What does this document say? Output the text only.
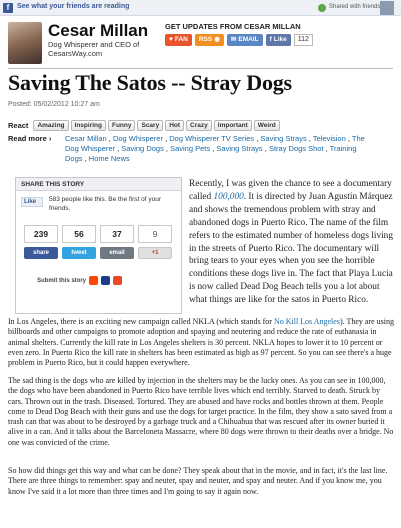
f	See what your friends are reading	Shared with friends
Cesar Millan
Dog Whisperer and CEO of CesarsWay.com
GET UPDATES FROM CESAR MILLAN
♥ FAN RSS ◉ ✉ EMAIL f Like	112
Saving The Satos -- Stray Dogs
Posted: 05/02/2012 10:27 am
React	Amazing	Inspiring	Funny	Scary	Hot	Crazy	Important	Weird
Read more › Cesar Millan , Dog Whisperer , Dog Whisperer TV Series , Saving Strays , Television , The Dog Whisperer , Saving Dogs , Saving Pets , Saving Strays , Stray Dogs Shot , Training Dogs , Home News
SHARE THIS STORY
Like	583 people like this. Be the first of your friends.
239	56	37	9
share	tweet	email	+1
Submit this story
Recently, I was given the chance to see a documentary called 100,000. It is directed by Juan Agustín Márquez and shows the tremendous problem with stray and abandoned dogs in Puerto Rico. The name of the film refers to the estimated number of homeless dogs living in the streets of Puerto Rico. The documentary will bring tears to your eyes when you see the horrible conditions these dogs live in. The fact that Playa Lucia is now called Dead Dog Beach tells you a lot about what things are like for the satos in Puerto Rico.
In Los Angeles, there is an exciting new campaign called NKLA (which stands for No Kill Los Angeles). They are using billboards and other campaigns to promote adoption and spaying and neutering and reduce the rate of euthanasia in animal shelters. Currently the kill rate in Los Angeles shelters is 30 percent. NKLA hopes to lower it to 10 percent or even zero. In Puerto Rico the kill rate in shelters has been estimated as high as 97 percent. So you can see there's a huge problem in Puerto Rico, but it could happen everywhere.
The sad thing is the dogs who are killed by injection in the shelters may be the lucky ones. As you can see in 100,000, the dogs who have been abandoned in Puerto Rico have terrible lives which end terribly. Starved to death. Struck by cars. Thrown out in the trash. Diseased. Tortured. They are abused and have rocks and bottles thrown at them. People come to Dead Dog Beach with their guns and use the dogs for target practice. In the film, they show a sato saved from a trash can that was about to be destroyed by a garbage truck and a Chihuahua that was rescued after its owner buried it alive in a can. And it talks about the Barceloneta Massacre, where 80 dogs were thrown to their deaths over a bridge. No one was convicted of the crime.
So how did things get this way and what can be done? They speak about that in the movie, and in fact, it's the last line. There are three things to remember: spay and neuter, spay and neuter, and spay and neuter. And if you know me, you know I've said it a lot more than three times and I'm going to say it again now.
